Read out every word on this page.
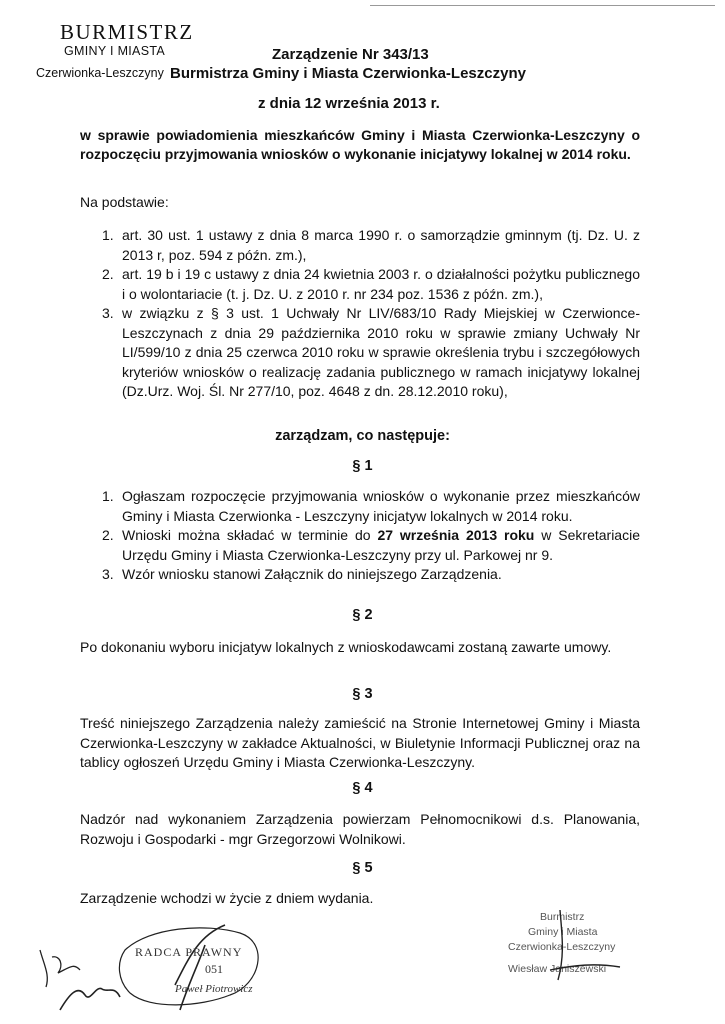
BURMISTRZ
GMINY I MIASTA
Czerwionka-Leszczyny
Zarządzenie Nr 343/13
Burmistrza Gminy i Miasta Czerwionka-Leszczyny
z dnia 12 września 2013 r.
w sprawie powiadomienia mieszkańców Gminy i Miasta Czerwionka-Leszczyny o rozpoczęciu przyjmowania wniosków o wykonanie inicjatywy lokalnej w 2014 roku.
Na podstawie:
1. art. 30 ust. 1 ustawy z dnia 8 marca 1990 r. o samorządzie gminnym (tj. Dz. U. z 2013 r, poz. 594 z późn. zm.),
2. art. 19 b i 19 c ustawy z dnia 24 kwietnia 2003 r. o działalności pożytku publicznego i o wolontariacie (t. j. Dz. U. z 2010 r. nr 234 poz. 1536 z późn. zm.),
3. w związku z § 3 ust. 1 Uchwały Nr LIV/683/10 Rady Miejskiej w Czerwionce-Leszczynach z dnia 29 października 2010 roku w sprawie zmiany Uchwały Nr LI/599/10 z dnia 25 czerwca 2010 roku w sprawie określenia trybu i szczegółowych kryteriów wniosków o realizację zadania publicznego w ramach inicjatywy lokalnej (Dz.Urz. Woj. Śl. Nr 277/10, poz. 4648 z dn. 28.12.2010 roku),
zarządzam, co następuje:
§ 1
1. Ogłaszam rozpoczęcie przyjmowania wniosków o wykonanie przez mieszkańców Gminy i Miasta Czerwionka - Leszczyny inicjatyw lokalnych w 2014 roku.
2. Wnioski można składać w terminie do 27 września 2013 roku w Sekretariacie Urzędu Gminy i Miasta Czerwionka-Leszczyny przy ul. Parkowej nr 9.
3. Wzór wniosku stanowi Załącznik do niniejszego Zarządzenia.
§ 2
Po dokonaniu wyboru inicjatyw lokalnych z wnioskodawcami zostaną zawarte umowy.
§ 3
Treść niniejszego Zarządzenia należy zamieścić na Stronie Internetowej Gminy i Miasta Czerwionka-Leszczyny w zakładce Aktualności, w Biuletynie Informacji Publicznej oraz na tablicy ogłoszeń Urzędu Gminy i Miasta Czerwionka-Leszczyny.
§ 4
Nadzór nad wykonaniem Zarządzenia powierzam Pełnomocnikowi d.s. Planowania, Rozwoju i Gospodarki - mgr Grzegorzowi Wolnikowi.
§ 5
Zarządzenie wchodzi w życie z dniem wydania.
RADCA PRAWNY
051
Paweł Piotrowicz
Burmistrz
Gminy i Miasta
Czerwionka-Leszczyny
Wiesław Janiszewski
